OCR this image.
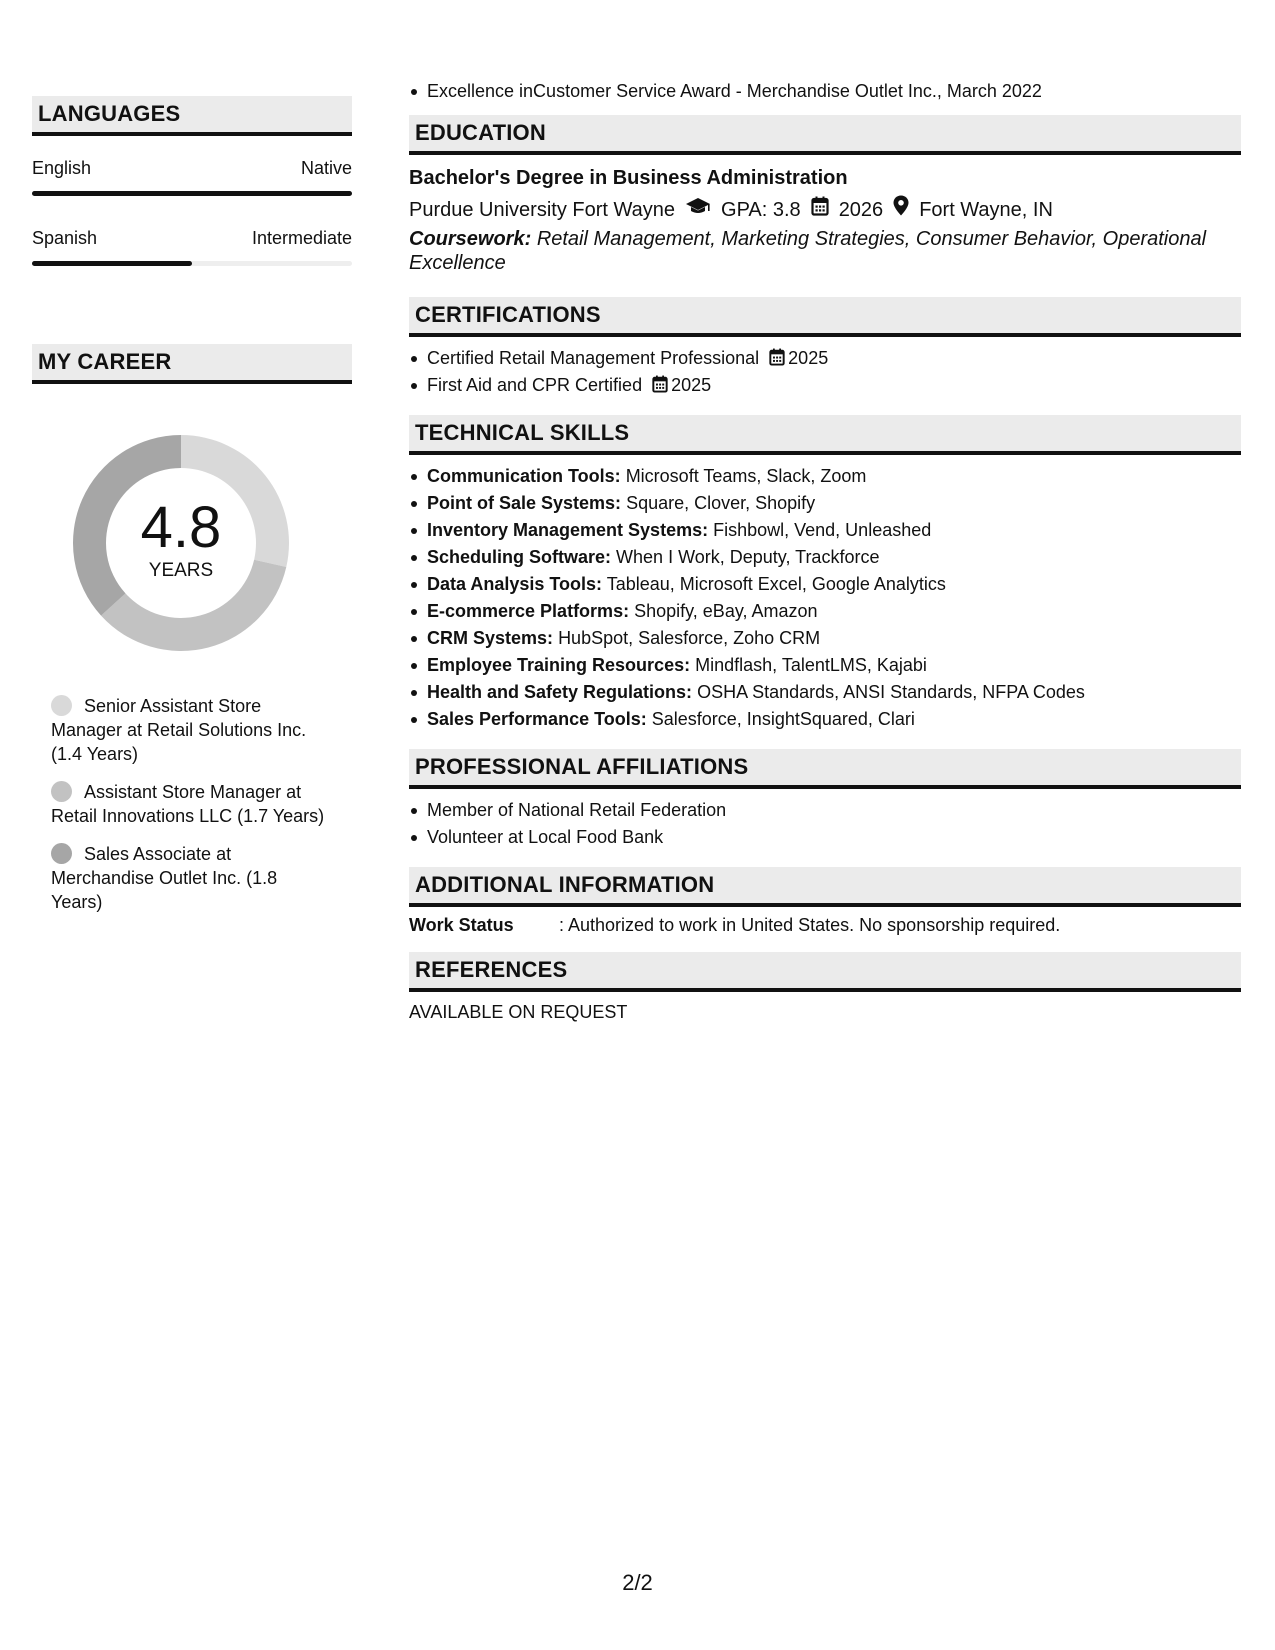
LANGUAGES
English	Native
Spanish	Intermediate
MY CAREER
4.8
YEARS
Senior Assistant Store Manager at Retail Solutions Inc. (1.4 Years)
Assistant Store Manager at Retail Innovations LLC (1.7 Years)
Sales Associate at Merchandise Outlet Inc. (1.8 Years)
Excellence inCustomer Service Award - Merchandise Outlet Inc., March 2022
EDUCATION
Bachelor's Degree in Business Administration
Purdue University Fort Wayne GPA: 3.8 2026 Fort Wayne, IN
Coursework: Retail Management, Marketing Strategies, Consumer Behavior, Operational Excellence
CERTIFICATIONS
Certified Retail Management Professional 2025
First Aid and CPR Certified 2025
TECHNICAL SKILLS
Communication Tools: Microsoft Teams, Slack, Zoom
Point of Sale Systems: Square, Clover, Shopify
Inventory Management Systems: Fishbowl, Vend, Unleashed
Scheduling Software: When I Work, Deputy, Trackforce
Data Analysis Tools: Tableau, Microsoft Excel, Google Analytics
E-commerce Platforms: Shopify, eBay, Amazon
CRM Systems: HubSpot, Salesforce, Zoho CRM
Employee Training Resources: Mindflash, TalentLMS, Kajabi
Health and Safety Regulations: OSHA Standards, ANSI Standards, NFPA Codes
Sales Performance Tools: Salesforce, InsightSquared, Clari
PROFESSIONAL AFFILIATIONS
Member of National Retail Federation
Volunteer at Local Food Bank
ADDITIONAL INFORMATION
Work Status	: Authorized to work in United States. No sponsorship required.
REFERENCES
AVAILABLE ON REQUEST
2/2
